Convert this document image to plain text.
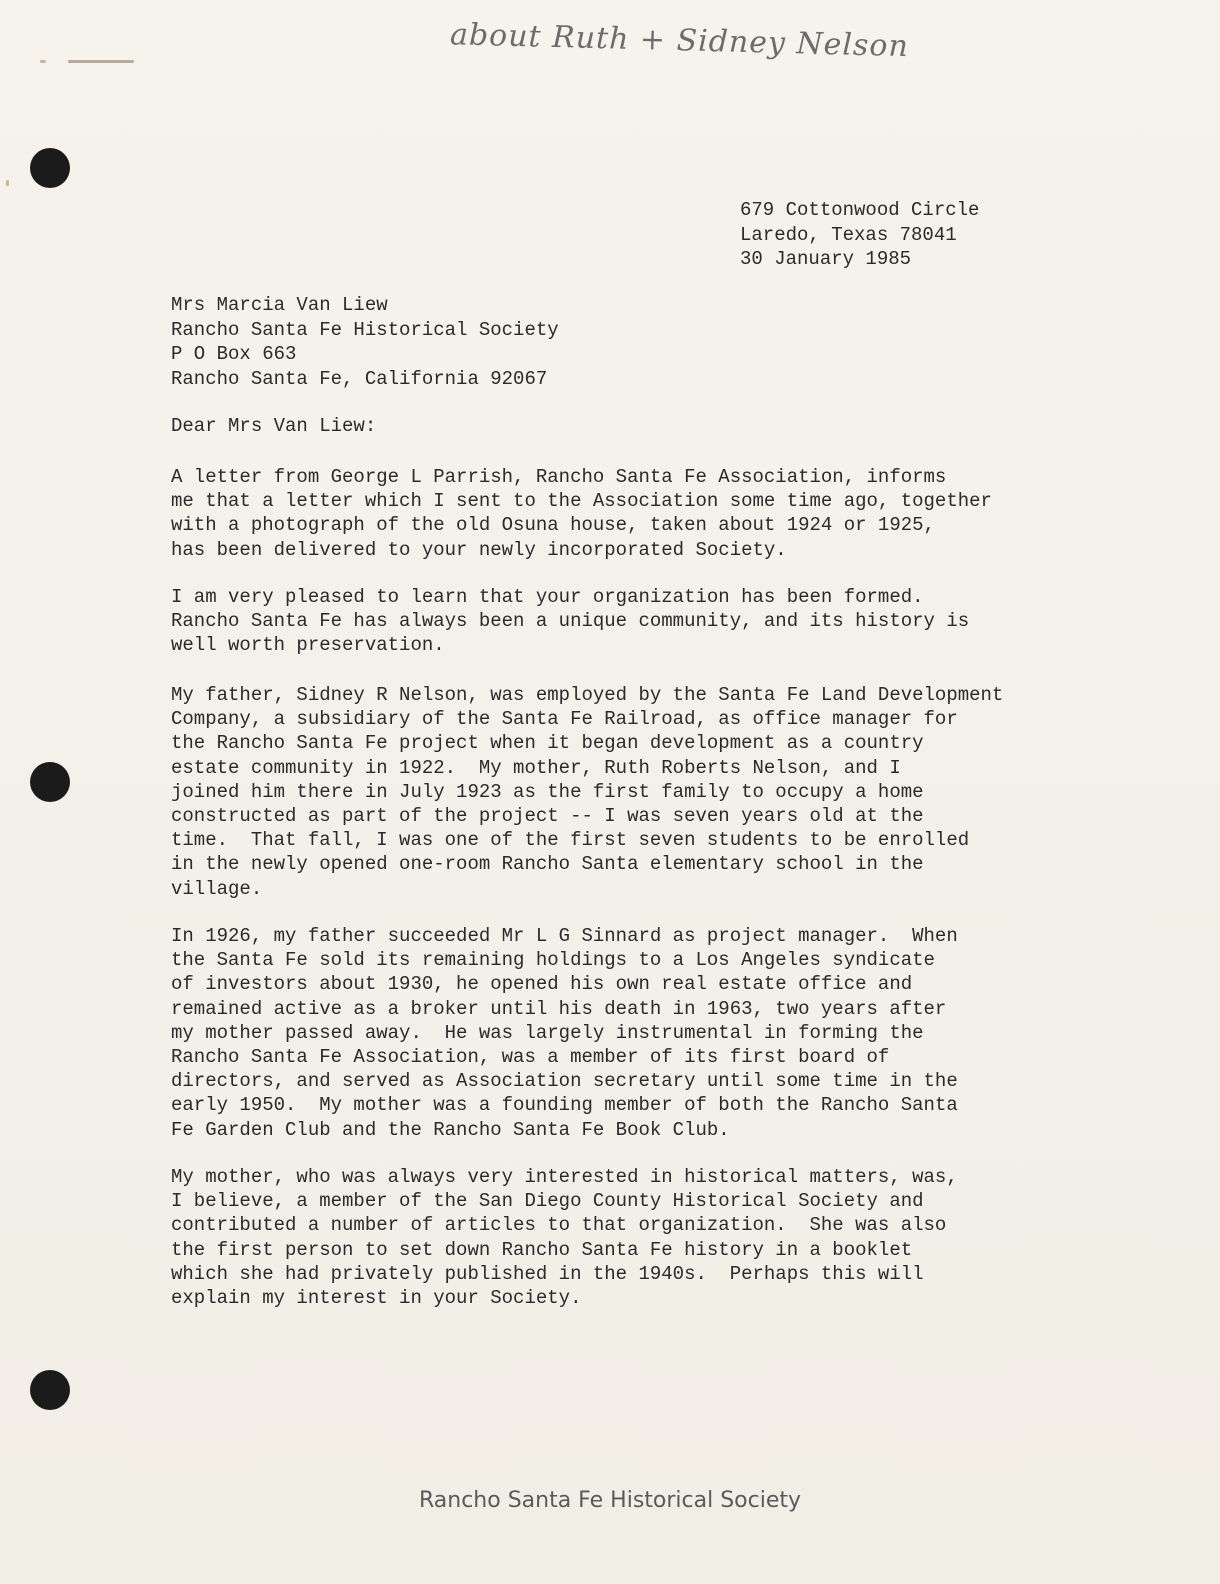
about Ruth + Sidney Nelson
679 Cottonwood Circle
Laredo, Texas 78041
30 January 1985
Mrs Marcia Van Liew
Rancho Santa Fe Historical Society
P O Box 663
Rancho Santa Fe, California 92067
Dear Mrs Van Liew:
A letter from George L Parrish, Rancho Santa Fe Association, informs
me that a letter which I sent to the Association some time ago, together
with a photograph of the old Osuna house, taken about 1924 or 1925,
has been delivered to your newly incorporated Society.
I am very pleased to learn that your organization has been formed.
Rancho Santa Fe has always been a unique community, and its history is
well worth preservation.
My father, Sidney R Nelson, was employed by the Santa Fe Land Development
Company, a subsidiary of the Santa Fe Railroad, as office manager for
the Rancho Santa Fe project when it began development as a country
estate community in 1922.  My mother, Ruth Roberts Nelson, and I
joined him there in July 1923 as the first family to occupy a home
constructed as part of the project -- I was seven years old at the
time.  That fall, I was one of the first seven students to be enrolled
in the newly opened one-room Rancho Santa elementary school in the
village.
In 1926, my father succeeded Mr L G Sinnard as project manager.  When
the Santa Fe sold its remaining holdings to a Los Angeles syndicate
of investors about 1930, he opened his own real estate office and
remained active as a broker until his death in 1963, two years after
my mother passed away.  He was largely instrumental in forming the
Rancho Santa Fe Association, was a member of its first board of
directors, and served as Association secretary until some time in the
early 1950.  My mother was a founding member of both the Rancho Santa
Fe Garden Club and the Rancho Santa Fe Book Club.
My mother, who was always very interested in historical matters, was,
I believe, a member of the San Diego County Historical Society and
contributed a number of articles to that organization.  She was also
the first person to set down Rancho Santa Fe history in a booklet
which she had privately published in the 1940s.  Perhaps this will
explain my interest in your Society.
Rancho Santa Fe Historical Society
